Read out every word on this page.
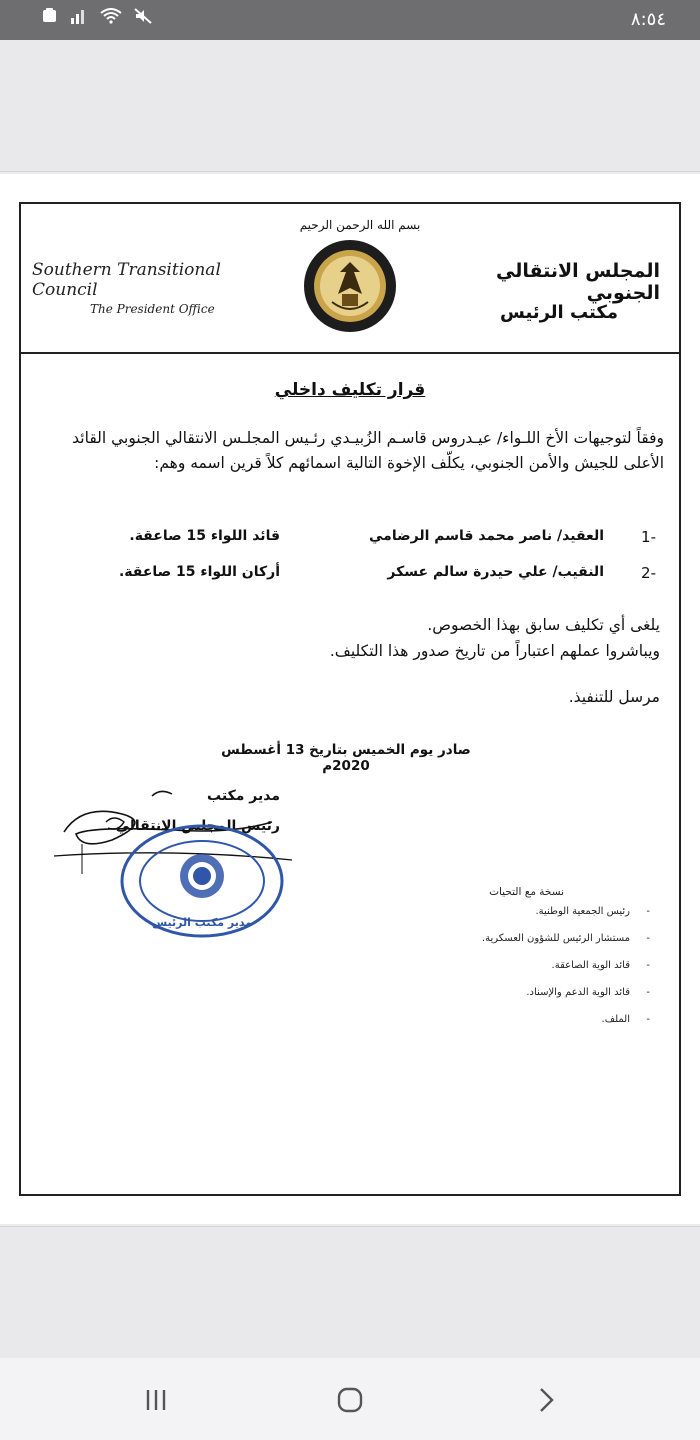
٨:٥٤
بسم الله الرحمن الرحيم
Southern Transitional Council
The President Office
المجلس الانتقالي الجنوبي
مكتب الرئيس
قرار تكليف داخلي

وفقاً لتوجيهات الأخ اللـواء/ عيـدروس قاسـم الزُبيـدي رئـيس المجلـس الانتقالي الجنوبي القائد الأعلى للجيش والأمن الجنوبي، يكلّف الإخوة التالية اسمائهم كلاً قرين اسمه وهم:

-1
العقيد/ ناصر محمد قاسم الرضامي
قائد اللواء 15 صاعقة.
-2
النقيب/ علي حيدرة سالم عسكر
أركان اللواء 15 صاعقة.
يلغى أي تكليف سابق بهذا الخصوص.
ويباشروا عملهم اعتباراً من تاريخ صدور هذا التكليف.
مرسل للتنفيذ.
صادر يوم الخميس بتاريخ 13 أغسطس 2020م
مدير مكتب
رئيس المجلس الانتقالي
مدير مكتب الرئيس
نسخة مع التحيات
-
رئيس الجمعية الوطنية.
-
مستشار الرئيس للشؤون العسكرية.
-
قائد الوية الصاعقة.
-
قائد الوية الدعم والإسناد.
-
الملف.
